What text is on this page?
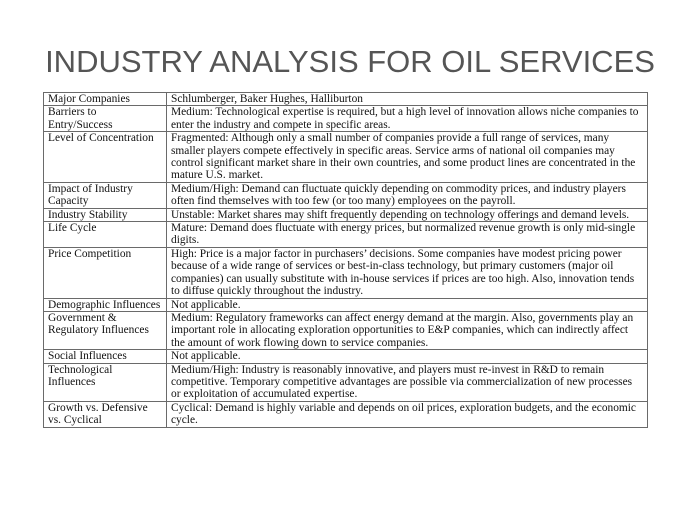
INDUSTRY ANALYSIS FOR OIL SERVICES
Major Companies	Schlumberger, Baker Hughes, Halliburton
Barriers to Entry/Success	Medium: Technological expertise is required, but a high level of innovation allows niche companies to enter the industry and compete in specific areas.
Level of Concentration	Fragmented: Although only a small number of companies provide a full range of services, many smaller players compete effectively in specific areas. Service arms of national oil companies may control significant market share in their own countries, and some product lines are concentrated in the mature U.S. market.
Impact of Industry Capacity	Medium/High: Demand can fluctuate quickly depending on commodity prices, and industry players often find themselves with too few (or too many) employees on the payroll.
Industry Stability	Unstable: Market shares may shift frequently depending on technology offerings and demand levels.
Life Cycle	Mature: Demand does fluctuate with energy prices, but normalized revenue growth is only mid-single digits.
Price Competition	High: Price is a major factor in purchasers’ decisions. Some companies have modest pricing power because of a wide range of services or best-in-class technology, but primary customers (major oil companies) can usually substitute with in-house services if prices are too high. Also, innovation tends to diffuse quickly throughout the industry.
Demographic Influences	Not applicable.
Government & Regulatory Influences	Medium: Regulatory frameworks can affect energy demand at the margin. Also, governments play an important role in allocating exploration opportunities to E&P companies, which can indirectly affect the amount of work flowing down to service companies.
Social Influences	Not applicable.
Technological Influences	Medium/High: Industry is reasonably innovative, and players must re-invest in R&D to remain competitive. Temporary competitive advantages are possible via commercialization of new processes or exploitation of accumulated expertise.
Growth vs. Defensive vs. Cyclical	Cyclical: Demand is highly variable and depends on oil prices, exploration budgets, and the economic cycle.
